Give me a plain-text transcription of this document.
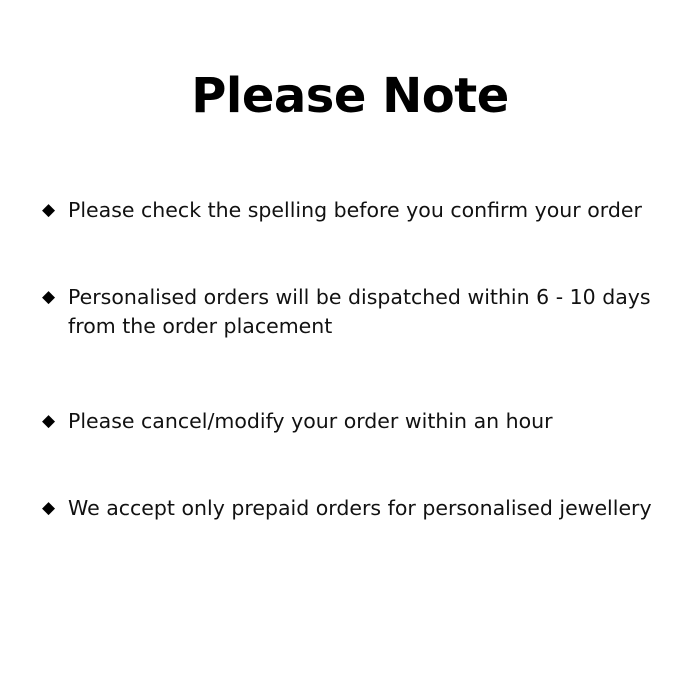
Please Note
◆ Please check the spelling before you confirm your order
◆ Personalised orders will be dispatched within 6 - 10 days from the order placement
◆ Please cancel/modify your order within an hour
◆ We accept only prepaid orders for personalised jewellery
